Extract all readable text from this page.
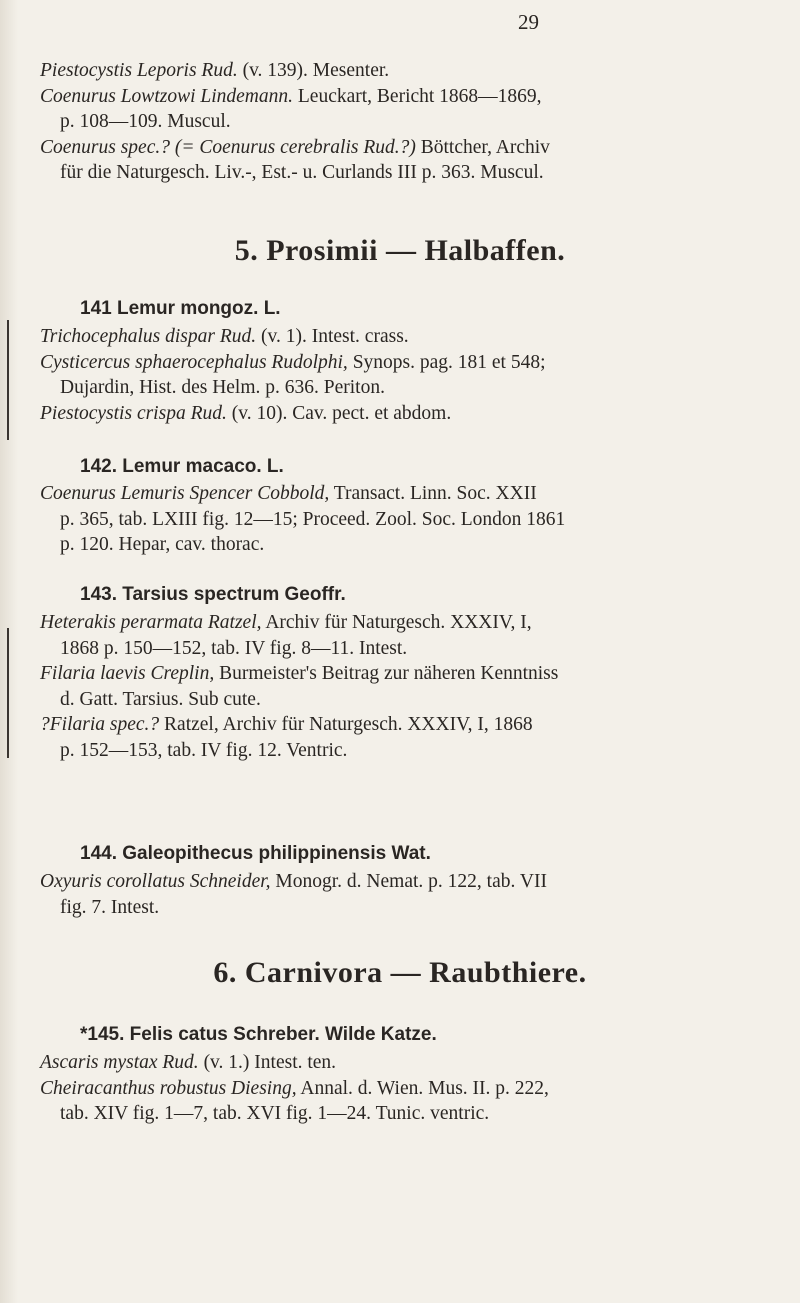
29

Piestocystis Leporis Rud. (v. 139). Mesenter.

Coenurus Lowtzowi Lindemann. Leuckart, Bericht 1868—1869,
p. 108—109. Muscul.

Coenurus spec.? (= Coenurus cerebralis Rud.?) Böttcher, Archiv
für die Naturgesch. Liv.-, Est.- u. Curlands III p. 363. Muscul.

5. Prosimii — Halbaffen.
141 Lemur mongoz. L.

Trichocephalus dispar Rud. (v. 1). Intest. crass.

Cysticercus sphaerocephalus Rudolphi, Synops. pag. 181 et 548;
Dujardin, Hist. des Helm. p. 636. Periton.

Piestocystis crispa Rud. (v. 10). Cav. pect. et abdom.

142. Lemur macaco. L.

Coenurus Lemuris Spencer Cobbold, Transact. Linn. Soc. XXII
p. 365, tab. LXIII fig. 12—15; Proceed. Zool. Soc. London 1861
p. 120. Hepar, cav. thorac.

143. Tarsius spectrum Geoffr.

Heterakis perarmata Ratzel, Archiv für Naturgesch. XXXIV, I,
1868 p. 150—152, tab. IV fig. 8—11. Intest.

Filaria laevis Creplin, Burmeister's Beitrag zur näheren Kenntniss
d. Gatt. Tarsius. Sub cute.

?Filaria spec.? Ratzel, Archiv für Naturgesch. XXXIV, I, 1868
p. 152—153, tab. IV fig. 12. Ventric.

144. Galeopithecus philippinensis Wat.

Oxyuris corollatus Schneider, Monogr. d. Nemat. p. 122, tab. VII
fig. 7. Intest.

6. Carnivora — Raubthiere.
*145. Felis catus Schreber. Wilde Katze.

Ascaris mystax Rud. (v. 1.) Intest. ten.

Cheiracanthus robustus Diesing, Annal. d. Wien. Mus. II. p. 222,
tab. XIV fig. 1—7, tab. XVI fig. 1—24. Tunic. ventric.
